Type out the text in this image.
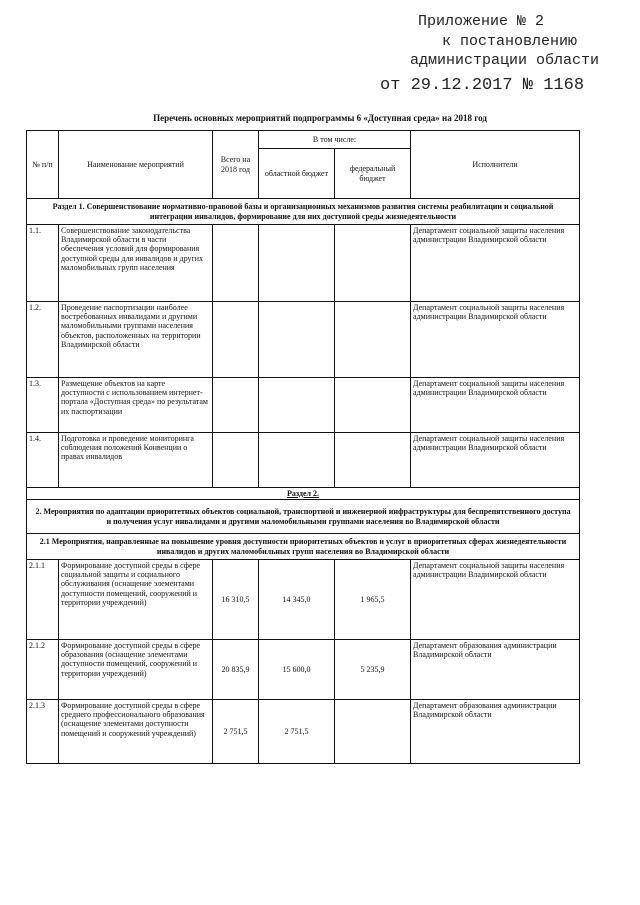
Приложение № 2
к постановлению
администрации области
от 29.12.2017 № 1168
Перечень основных мероприятий подпрограммы 6 «Доступная среда» на 2018 год
№ п/п	Наименование мероприятий	Всего на 2018 год	В том числе:		Исполнители
			областной бюджет	федеральный бюджет	
Раздел 1. Совершенствование нормативно-правовой базы и организационных механизмов развития системы реабилитации и социальной интеграции инвалидов, формирование для них доступной среды жизнедеятельности					
1.1.	Совершенствование законодательства Владимирской области в части обеспечения условий для формирования доступной среды для инвалидов и других маломобильных групп населения				Департамент социальной защиты населения администрации Владимирской области
1.2.	Проведение паспортизации наиболее востребованных инвалидами и другими маломобильными группами населения объектов, расположенных на территории Владимирской области				Департамент социальной защиты населения администрации Владимирской области
1.3.	Размещение объектов на карте доступности с использованием интернет-портала «Доступная среда» по результатам их паспортизации				Департамент социальной защиты населения администрации Владимирской области
1.4.	Подготовка и проведение мониторинга соблюдения положений Конвенции о правах инвалидов				Департамент социальной защиты населения администрации Владимирской области
Раздел 2.					
2. Мероприятия по адаптации приоритетных объектов социальной, транспортной и инженерной инфраструктуры для беспрепятственного доступа и получения услуг инвалидами и другими маломобильными группами населения во Владимирской области					
2.1 Мероприятия, направленные на повышение уровня доступности приоритетных объектов и услуг в приоритетных сферах жизнедеятельности инвалидов и других маломобильных групп населения во Владимирской области					
2.1.1	Формирование доступной среды в сфере социальной защиты и социального обслуживания (оснащение элементами доступности помещений, сооружений и территории учреждений)	16 310,5	14 345,0	1 965,5	Департамент социальной защиты населения администрации Владимирской области
2.1.2	Формирование доступной среды в сфере образования (оснащение элементами доступности помещений, сооружений и территории учреждений)	20 835,9	15 600,0	5 235,9	Департамент образования администрации Владимирской области
2.1.3	Формирование доступной среды в сфере среднего профессионального образования (оснащение элементами доступности помещений и сооружений учреждений)	2 751,5	2 751,5		Департамент образования администрации Владимирской области
